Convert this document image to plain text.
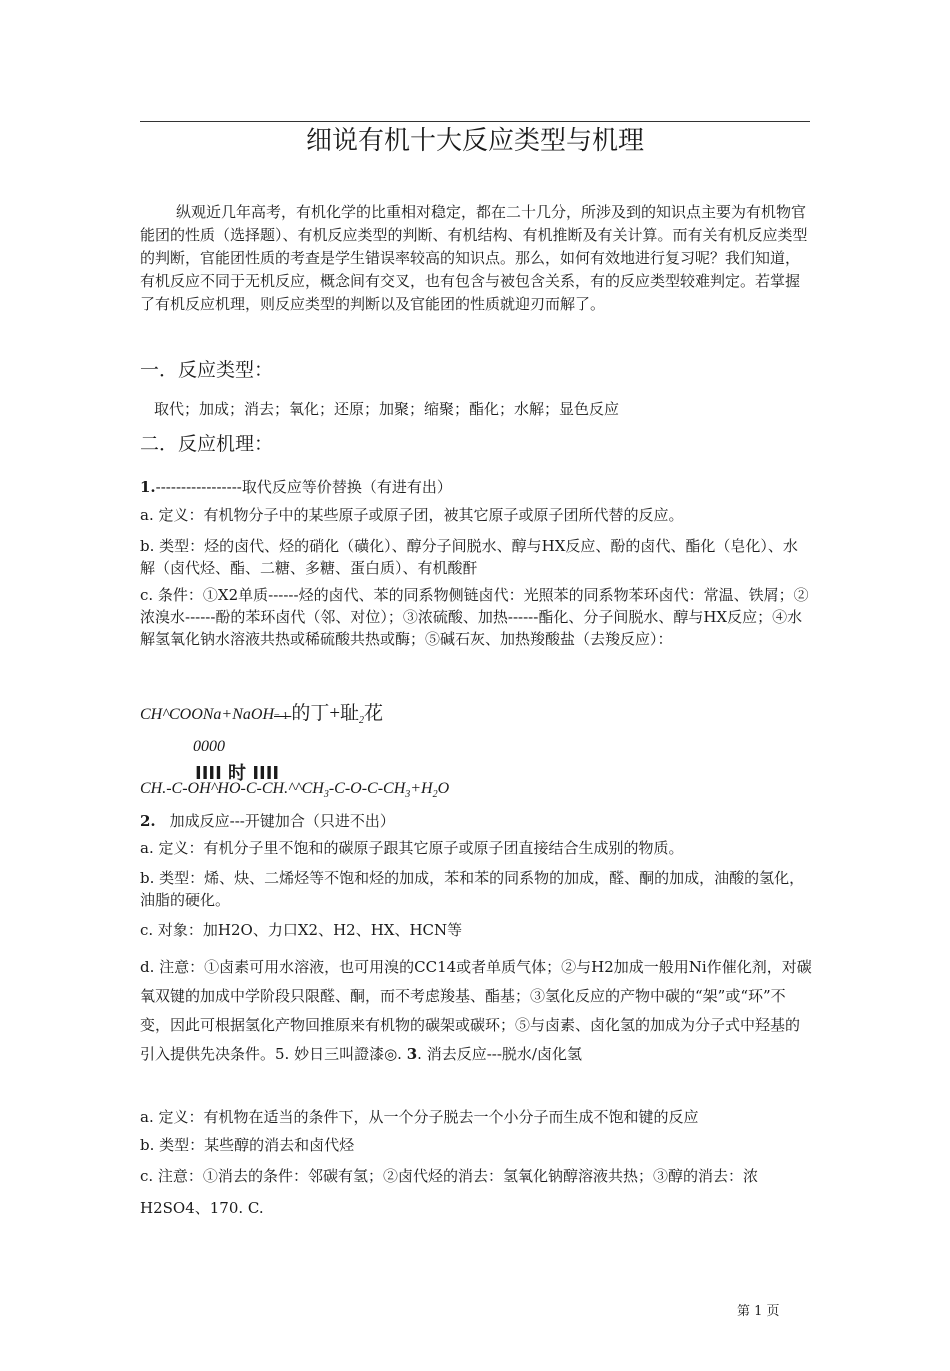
细说有机十大反应类型与机理
纵观近几年高考，有机化学的比重相对稳定，都在二十几分，所涉及到的知识点主要为有机物官能团的性质（选择题）、有机反应类型的判断、有机结构、有机推断及有关计算。而有关有机反应类型的判断，官能团性质的考查是学生错误率较高的知识点。那么，如何有效地进行复习呢？我们知道，有机反应不同于无机反应，概念间有交叉，也有包含与被包含关系，有的反应类型较难判定。若掌握了有机反应机理，则反应类型的判断以及官能团的性质就迎刃而解了。
一．反应类型：
取代；加成；消去；氧化；还原；加聚；缩聚；酯化；水解；显色反应
二．反应机理：
1.-----------------取代反应等价替换（有进有出）
a. 定义：有机物分子中的某些原子或原子团，被其它原子或原子团所代替的反应。
b. 类型：烃的卤代、烃的硝化（磺化）、醇分子间脱水、醇与HX反应、酚的卤代、酯化（皂化）、水解（卤代烃、酯、二糖、多糖、蛋白质）、有机酸酐
c. 条件：①X2单质------烃的卤代、苯的同系物侧链卤代：光照苯的同系物苯环卤代：常温、铁屑；②浓溴水------酚的苯环卤代（邻、对位）；③浓硫酸、加热------酯化、分子间脱水、醇与HX反应；④水解氢氧化钠水溶液共热或稀硫酸共热或酶；⑤碱石灰、加热羧酸盐（去羧反应）：
CH^COONa+NaOH=-1-的丁+耻$_2$花
0000
IIII 时 IIII
$CH.-C-OH\^{}HO-C-CH.\^{}\^{}CH_3-C-O-C-CH_3+H_2O$
2. 加成反应---开键加合（只进不出）
a. 定义：有机分子里不饱和的碳原子跟其它原子或原子团直接结合生成别的物质。
b. 类型：烯、炔、二烯烃等不饱和烃的加成，苯和苯的同系物的加成，醛、酮的加成，油酸的氢化，油脂的硬化。
c. 对象：加H2O、力口X2、H2、HX、HCN等
d. 注意：①卤素可用水溶液，也可用溴的CC14或者单质气体；②与H2加成一般用Ni作催化剂，对碳氧双键的加成中学阶段只限醛、酮，而不考虑羧基、酯基；③氢化反应的产物中碳的“架”或“环”不变，因此可根据氢化产物回推原来有机物的碳架或碳环；⑤与卤素、卤化氢的加成为分子式中羟基的引入提供先决条件。5. 妙日三叫證漆◎. 3. 消去反应---脱水/卤化氢
a. 定义：有机物在适当的条件下，从一个分子脱去一个小分子而生成不饱和键的反应
b. 类型：某些醇的消去和卤代烃
c. 注意：①消去的条件：邻碳有氢；②卤代烃的消去：氢氧化钠醇溶液共热；③醇的消去：浓H2SO4、170. C.
第 1 页
